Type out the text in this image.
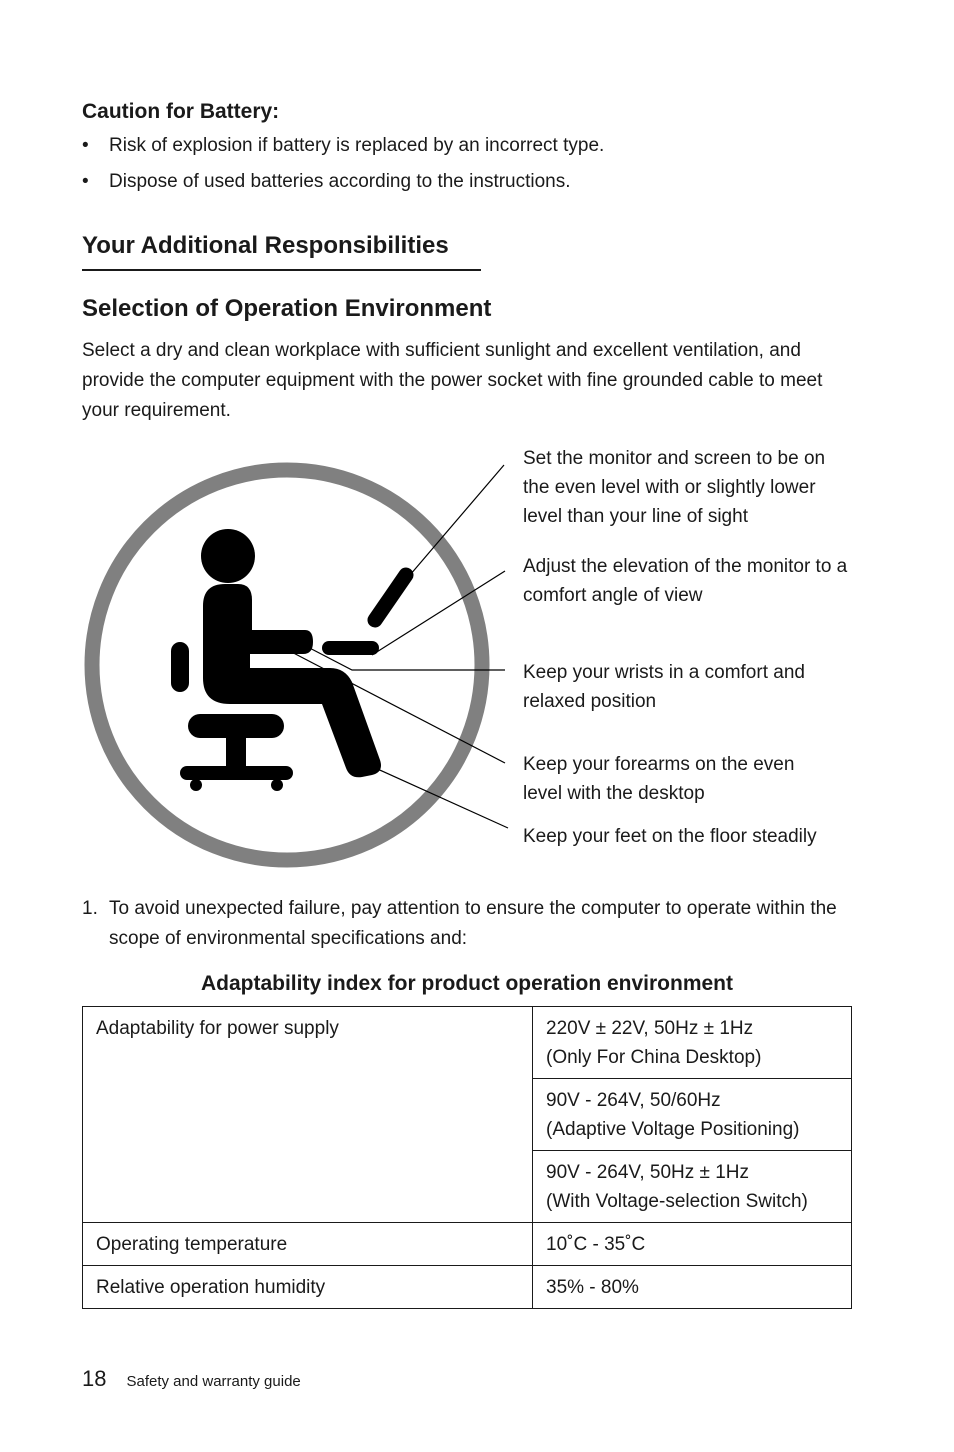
Caution for Battery:
• Risk of explosion if battery is replaced by an incorrect type.
• Dispose of used batteries according to the instructions.
Your Additional Responsibilities
Selection of Operation Environment

Select a dry and clean workplace with sufficient sunlight and excellent ventilation, and provide the computer equipment with the power socket with fine grounded cable to meet your requirement.

Set the monitor and screen to be on the even level with or slightly lower level than your line of sight

Adjust the elevation of the monitor to a comfort angle of view

Keep your wrists in a comfort and relaxed position

Keep your forearms on the even level with the desktop

Keep your feet on the floor steadily

1. To avoid unexpected failure, pay attention to ensure the computer to operate within the scope of environmental specifications and:
Adaptability index for product operation environment
Adaptability for power supply	220V ± 22V, 50Hz ± 1Hz
(Only For China Desktop)

	90V - 264V, 50/60Hz
(Adaptive Voltage Positioning)

	90V - 264V, 50Hz ± 1Hz
(With Voltage-selection Switch)

Operating temperature	10˚C - 35˚C
Relative operation humidity	35% - 80%
18 Safety and warranty guide
